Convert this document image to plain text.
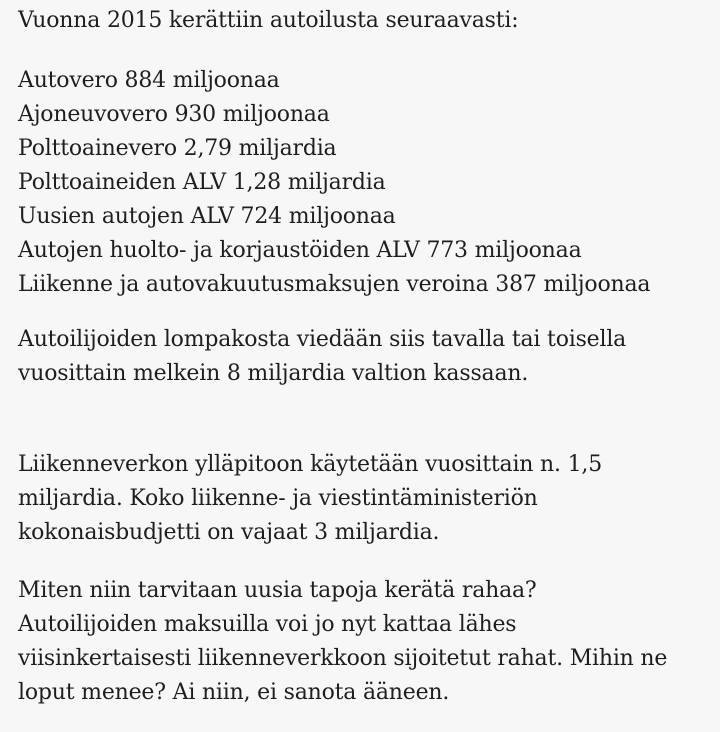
Vuonna 2015 kerättiin autoilusta seuraavasti:
Autovero 884 miljoonaa
Ajoneuvovero 930 miljoonaa
Polttoainevero 2,79 miljardia
Polttoaineiden ALV 1,28 miljardia
Uusien autojen ALV 724 miljoonaa
Autojen huolto- ja korjaustöiden ALV 773 miljoonaa
Liikenne ja autovakuutusmaksujen veroina 387 miljoonaa
Autoilijoiden lompakosta viedään siis tavalla tai toisella
vuosittain melkein 8 miljardia valtion kassaan.
Liikenneverkon ylläpitoon käytetään vuosittain n. 1,5
miljardia. Koko liikenne- ja viestintäministeriön
kokonaisbudjetti on vajaat 3 miljardia.
Miten niin tarvitaan uusia tapoja kerätä rahaa?
Autoilijoiden maksuilla voi jo nyt kattaa lähes
viisinkertaisesti liikenneverkkoon sijoitetut rahat. Mihin ne
loput menee? Ai niin, ei sanota ääneen.
